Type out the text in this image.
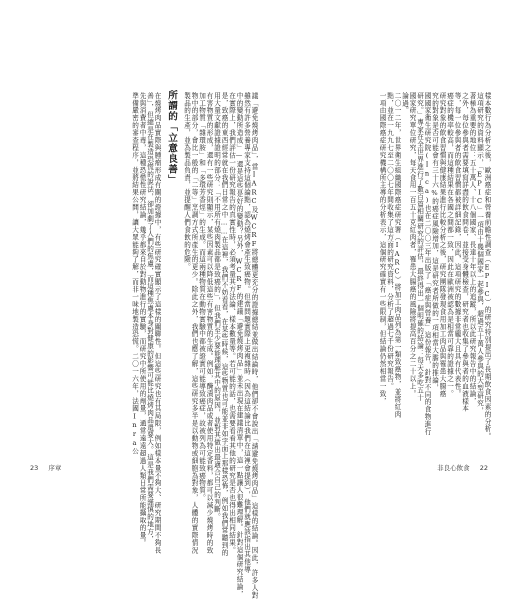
樣本數行為分析之後，歐洲癌症和營養前瞻性調查（EPIC）的研究特別提出了長期飲食因素的分析。
這項研究的資料顯示，「EPIC」一項由十幾個國家一起參與，超過五十萬人參與的大型研究，
著極為重要的地位：五十萬人、十八個國家、長達十年以上的追蹤，所以此研究報告中的結論，
之外，每位參與者需要填寫詳盡的飲食問卷，並接受身體檢查，研究者也收集了參與者的血液樣本
等，每一位參與者的飲食習慣都被詳細記錄，因此，這項研究的數據非常龐大且具有代表性。
癌症的機率較高，而這種結果在各國之間都一致，因此在歐洲被認為是相當可靠的證據之一。
研究對象的飲食習慣與健康結果進行比較分析之後，研究團隊發現食用加工肉品與罹患大腸癌
究的對象是否可能會有三十六%的癌症風險增加，這是研究者所做的一項相當大膽的推論，
國國家衛生研究院(Inca)也在二〇〇三年出版了「癌症與營養」這份報告，針對不同的食物進行
研究。」專家在全世界進行了數百篇相關研究的評估，最終得出一個明確的結論：每天多吃五十
國家研究單位研究，每天食用一百五十克紅肉者，罹患大腸癌的風險將提高百分之二十以上。
論過。
二〇一二年，世界衛生組織國際癌症研究署（IARC）將加工肉品列為第一類致癌物，並將紅肉
點，並在一九九七至二〇〇七年間收集了這方面的研究資料，分析了超過七千份研究報告。
一項由國際癌症研究機構所主導的分析表示，這個研究確實有一些限制，但結論仍然相當一致，
議「避免燒烤肉品」，當IARC及WCRF將總體更充分的證據總結並做出結論時，他們卻不會說出「請避免燒烤肉品」這樣的結論。因此，許多人對
雖然有許多營養專家支持這個論點，認為燒烤會產生致癌物。但當問題實際上更複雜時（因為這結論比我們在這裡會提到），他們就應該指出其他導
中的變動所造成」—還是這些是好的變動？另外，WCRF的建議「避免燒烤肉品」並未出現在建議清單中，這一點讓人很難理解。針對這個研究結論，
在實際上，我們評估一份研究報告的真實性時，必須考量其方法論、樣本數量等。若可能的話，也需要看看其他的研究是否也得出相同結果。
是，致癌的東西經常就在我們日常之中……在這裡，我們不妨看看，在某些時候，這些物質也可能並非如字面上那樣恐怖，例如我們常聽到的
用大量文獻證據證明的部分：「不用所有燒肉製品都是致癌的」，但我們至少要能理解其中的原因，並對其做出最適合自己的判斷。
有害物質的形成，還有一些研究則顯示，某些因素可以降低這些有害物質的生成。例如，醃漬肉品或者使用特定香料，都可以減少燒烤時的致
加工物質「雜環胺」和「多環芳香烴」的生成。而這兩種物質在動物實驗中都被證實可能導致癌症，故被列為可能致癌物質。
物中的部分，會比一般的「二等」烹調方式所產生的更少。除此之外，我們也應了解，這些研究多半是以動物或細胞為對象，人體的實際情況
製品的生產，並為製品負責，並提醒人們食飲的危險。
所謂的「立意良善」
在燒烤肉品實際與腫瘤形成有關的證據中，有些研究確實顯示了這樣的關聯性。但這些研究也有其局限，例如樣本量不夠大、研究期間不夠長
善」，但總是在製造恐慌的說法，卻加劇了人們的焦慮，而這種焦慮本身對健康的影響可能比燒烤肉品還要大。這是我們需要謹慎的地方，
先與消費者中毒，這種恐慌性研究結論，幾乎都來自於對動物進行的實驗，而研究中所使用的劑量，通常遠遠超過人類日常所能攝取的量。
準備嚴密的審查程序，並將結果公開，讓大眾能夠了解，而非一味地製造恐慌。二〇一六年，法國Inra公
23 序章	非良心飲食 22
